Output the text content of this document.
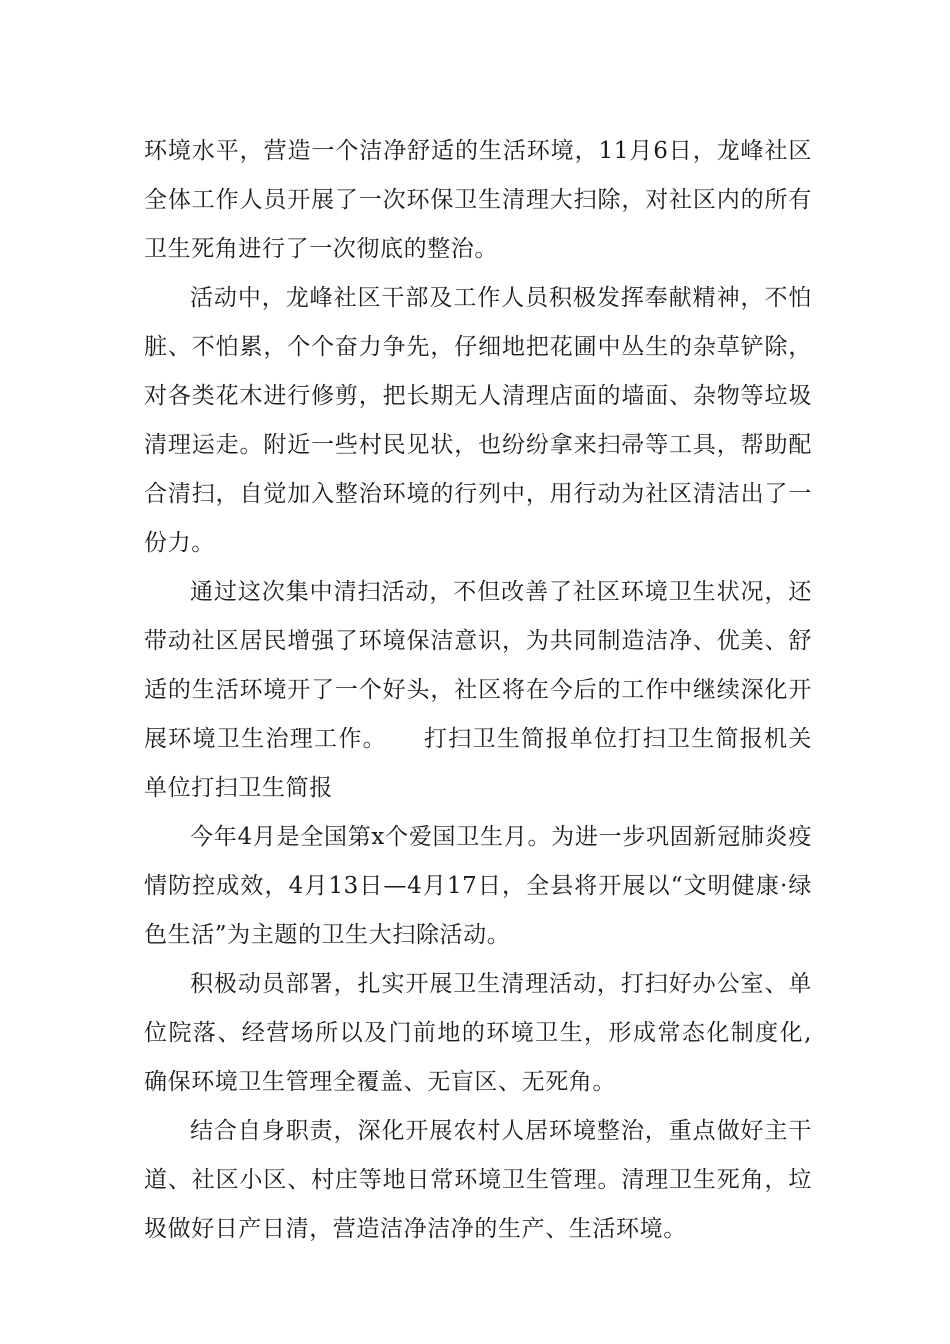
环境水平，营造一个洁净舒适的生活环境，11月6日，龙峰社区全体工作人员开展了一次环保卫生清理大扫除，对社区内的所有卫生死角进行了一次彻底的整治。

活动中，龙峰社区干部及工作人员积极发挥奉献精神，不怕脏、不怕累，个个奋力争先，仔细地把花圃中丛生的杂草铲除，对各类花木进行修剪，把长期无人清理店面的墙面、杂物等垃圾清理运走。附近一些村民见状，也纷纷拿来扫帚等工具，帮助配合清扫，自觉加入整治环境的行列中，用行动为社区清洁出了一份力。

通过这次集中清扫活动，不但改善了社区环境卫生状况，还带动社区居民增强了环境保洁意识，为共同制造洁净、优美、舒适的生活环境开了一个好头，社区将在今后的工作中继续深化开展环境卫生治理工作。　　打扫卫生简报单位打扫卫生简报机关单位打扫卫生简报

今年4月是全国第x个爱国卫生月。为进一步巩固新冠肺炎疫情防控成效，4月13日—4月17日，全县将开展以“文明健康·绿色生活”为主题的卫生大扫除活动。

积极动员部署，扎实开展卫生清理活动，打扫好办公室、单位院落、经营场所以及门前地的环境卫生，形成常态化制度化,确保环境卫生管理全覆盖、无盲区、无死角。

结合自身职责，深化开展农村人居环境整治，重点做好主干道、社区小区、村庄等地日常环境卫生管理。清理卫生死角，垃圾做好日产日清，营造洁净洁净的生产、生活环境。
